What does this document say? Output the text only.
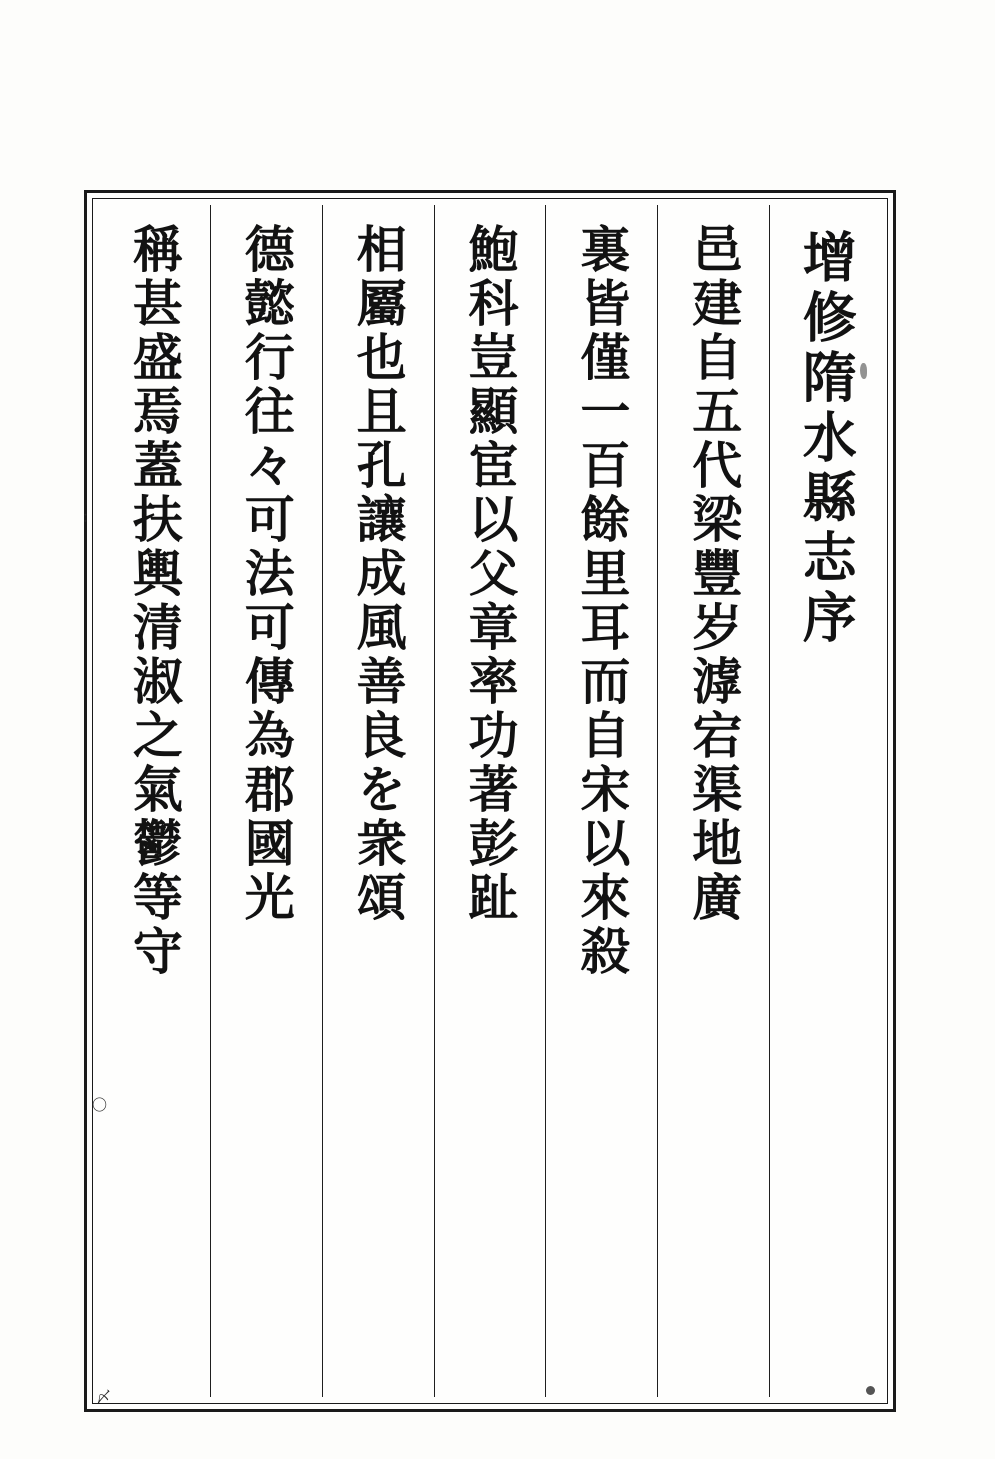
增修隋水縣志序
邑建自五代梁豐岁滹宕渠地廣
裏皆僅一百餘里耳而自宋以來殺
鮑科豈顯宦以父章率功著彭趾
相屬也且孔讓成風善良を衆頌
德懿行往々可法可傳為郡國光
稱甚盛焉蓋扶輿清淑之氣鬱等守
：
〇
〆
